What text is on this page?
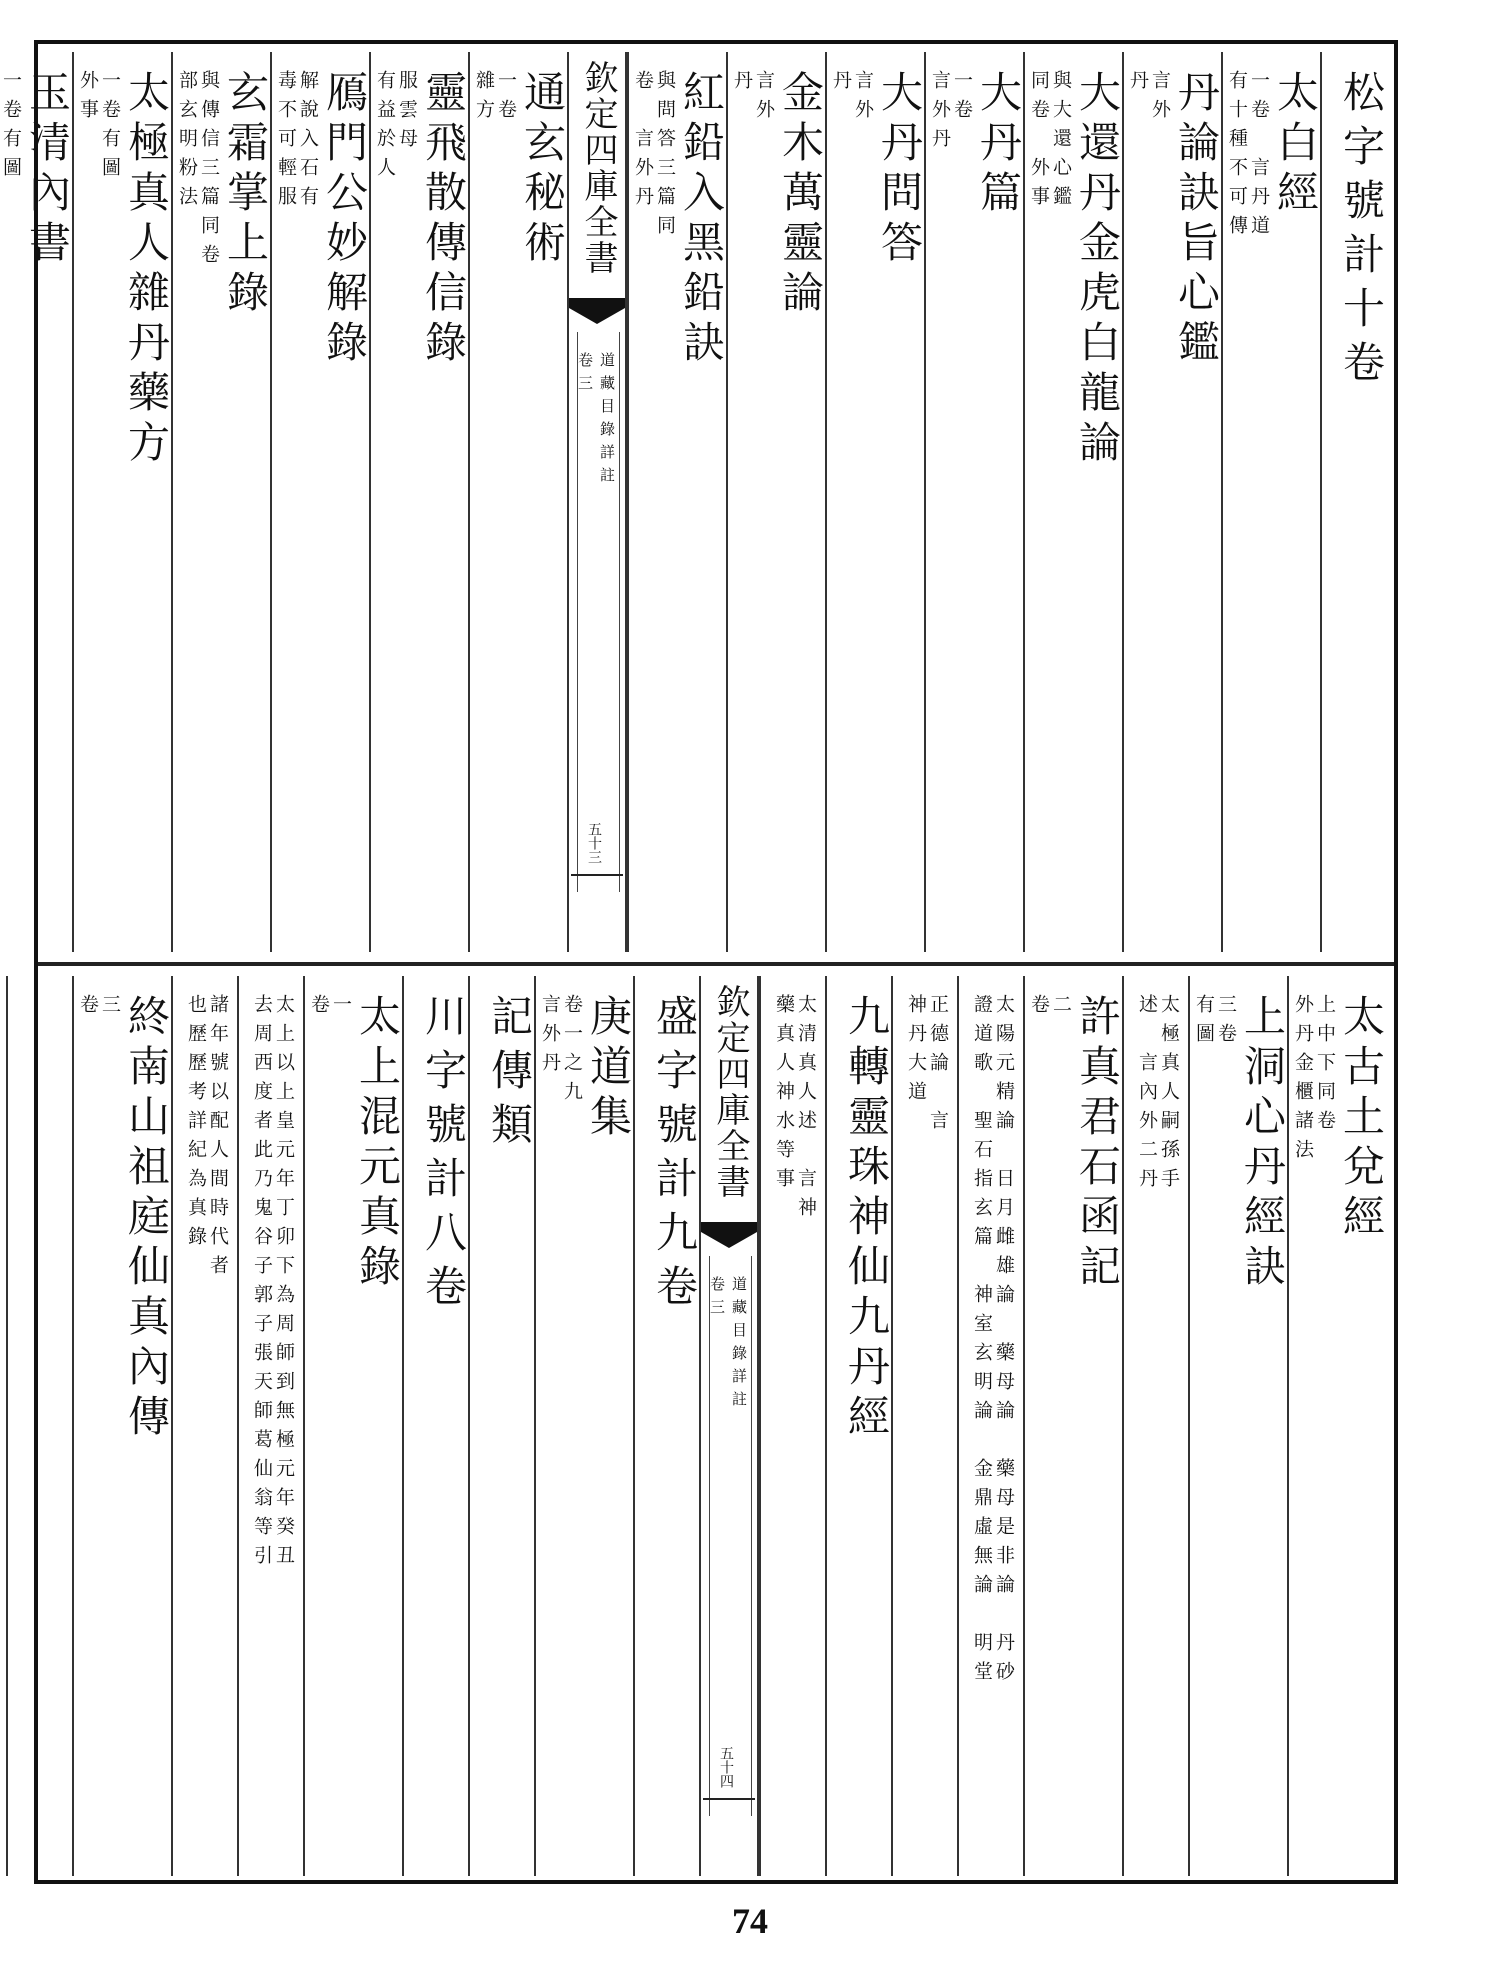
松字號計十卷
太白經
一卷　言丹道
有十種不可傳
丹論訣旨心鑑
言外
丹
大還丹金虎白龍論
與大還心鑑
同卷　外事
大丹篇
一卷
言外丹
大丹問答
言外
丹
金木萬靈論
言外
丹
紅鉛入黑鉛訣
與問答三篇同
卷　言外丹
欽定四庫全書
道藏目錄詳註
卷三
五十三
通玄秘術
一卷
雜方
靈飛散傳信錄
服雲母
有益於人
鴈門公妙解錄
解說入石有
毒不可輕服
玄霜掌上錄
與傳信三篇同卷
部玄明粉法
太極真人雜丹藥方
一卷有圖
外事
玉清內書
一卷有圖
太古土兌經
上中下同卷
外丹金櫃諸法
上洞心丹經訣
三卷
有圖
太極真人嗣孫手
述　言內外二丹
許真君石函記
二
卷
太陽元精論　日月雌雄論　藥母論　藥母是非論　丹砂
證道歌　聖石指玄篇　神室玄明論　金鼎虛無論　明堂
正德論　言
神丹大道
九轉靈珠神仙九丹經
太清真人述　言神
藥真人神水等事
欽定四庫全書
道藏目錄詳註
卷三
五十四
盛字號計九卷
庚道集
卷一之九
言外丹
記傳類
川字號計八卷
太上混元真錄
一
卷
太上以上皇元年丁卯下為周師到無極元年癸丑
去周西度者此乃鬼谷子郭子張天師葛仙翁等引
諸年號以配人間時代者
也歷歷考詳紀為真錄
終南山祖庭仙真內傳
三
卷
74
